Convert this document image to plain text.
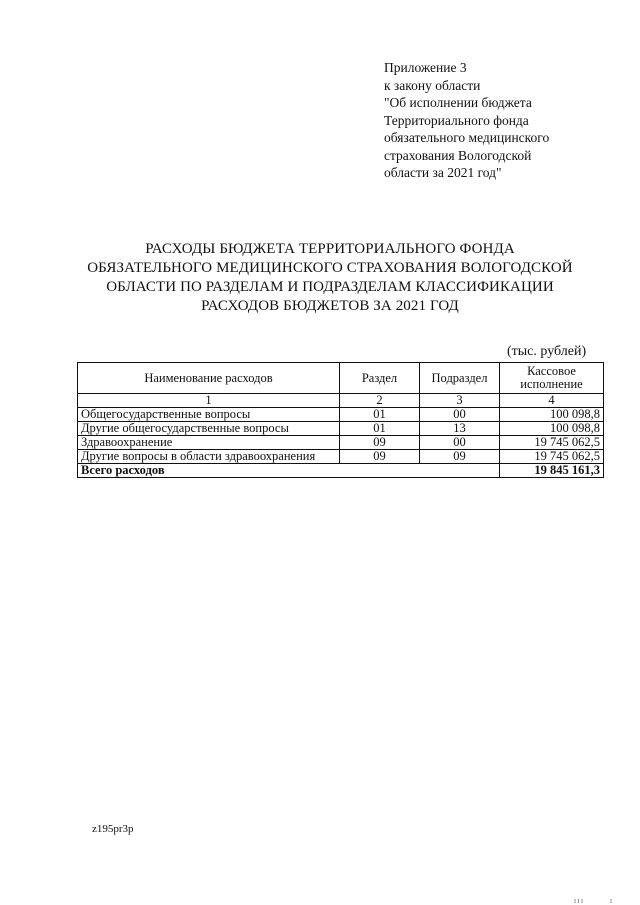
Приложение 3
к закону области
"Об исполнении бюджета
Территориального фонда
обязательного медицинского
страхования Вологодской
области за 2021 год"
РАСХОДЫ БЮДЖЕТА ТЕРРИТОРИАЛЬНОГО ФОНДА
ОБЯЗАТЕЛЬНОГО МЕДИЦИНСКОГО СТРАХОВАНИЯ ВОЛОГОДСКОЙ
ОБЛАСТИ ПО РАЗДЕЛАМ И ПОДРАЗДЕЛАМ КЛАССИФИКАЦИИ
РАСХОДОВ БЮДЖЕТОВ ЗА 2021 ГОД
(тыс. рублей)
Наименование расходов	Раздел	Подраздел	Кассовое
исполнение

1	2	3	4
Общегосударственные вопросы	01	00	100 098,8
Другие общегосударственные вопросы	01	13	100 098,8
Здравоохранение	09	00	19 745 062,5
Другие вопросы в области здравоохранения	09	09	19 745 062,5
Всего расходов			19 845 161,3
z195pr3p
I I I	I
